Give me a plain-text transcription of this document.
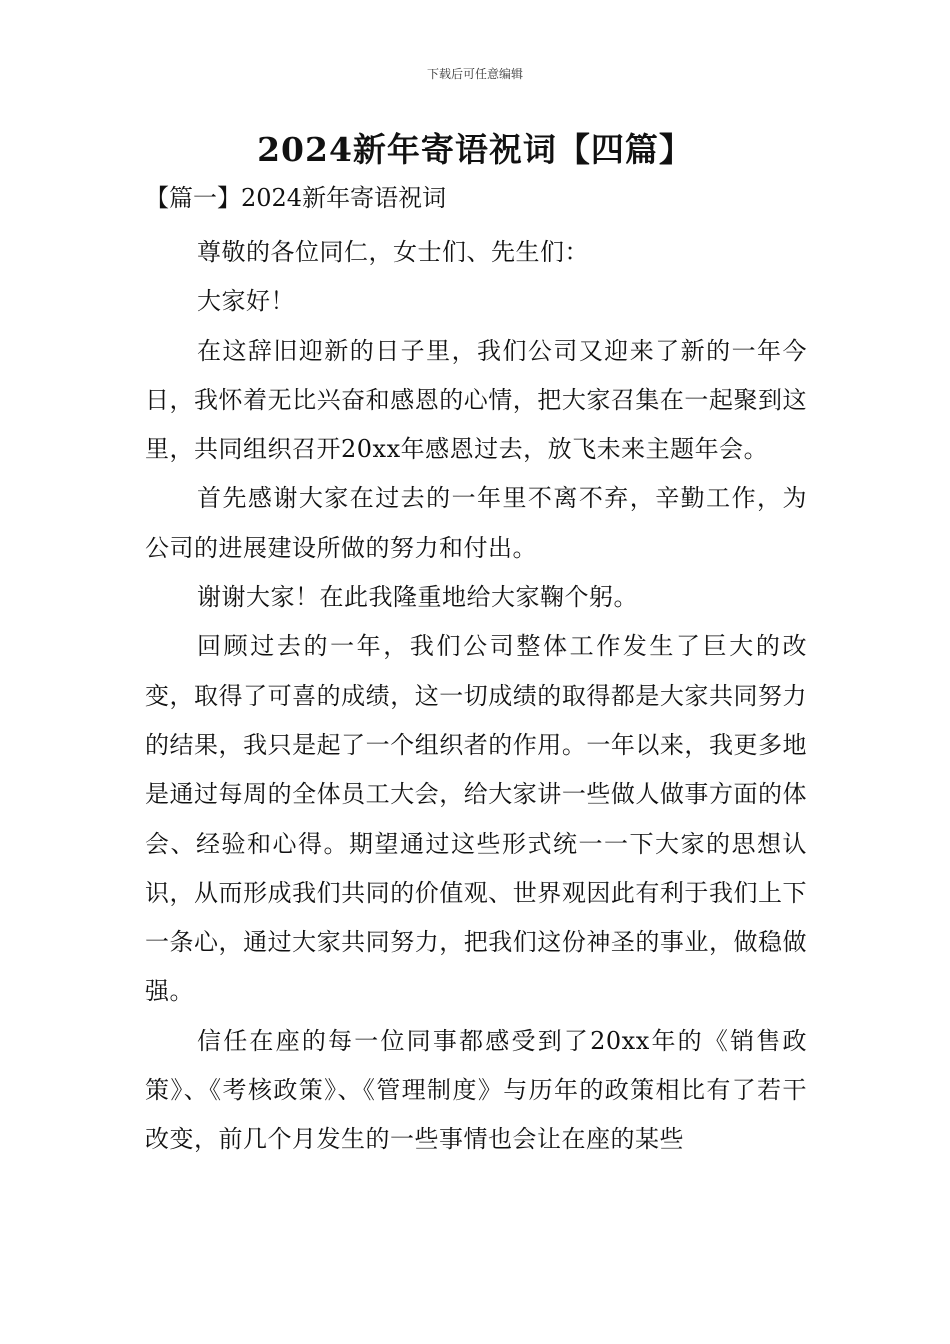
下载后可任意编辑
2024新年寄语祝词【四篇】
【篇一】2024新年寄语祝词

尊敬的各位同仁，女士们、先生们：

大家好！

在这辞旧迎新的日子里，我们公司又迎来了新的一年今日，我怀着无比兴奋和感恩的心情，把大家召集在一起聚到这里，共同组织召开20xx年感恩过去，放飞未来主题年会。

首先感谢大家在过去的一年里不离不弃，辛勤工作，为公司的进展建设所做的努力和付出。

谢谢大家！在此我隆重地给大家鞠个躬。

回顾过去的一年，我们公司整体工作发生了巨大的改变，取得了可喜的成绩，这一切成绩的取得都是大家共同努力的结果，我只是起了一个组织者的作用。一年以来，我更多地是通过每周的全体员工大会，给大家讲一些做人做事方面的体会、经验和心得。期望通过这些形式统一一下大家的思想认识，从而形成我们共同的价值观、世界观因此有利于我们上下一条心，通过大家共同努力，把我们这份神圣的事业，做稳做强。

信任在座的每一位同事都感受到了20xx年的《销售政策》、《考核政策》、《管理制度》与历年的政策相比有了若干改变，前几个月发生的一些事情也会让在座的某些
